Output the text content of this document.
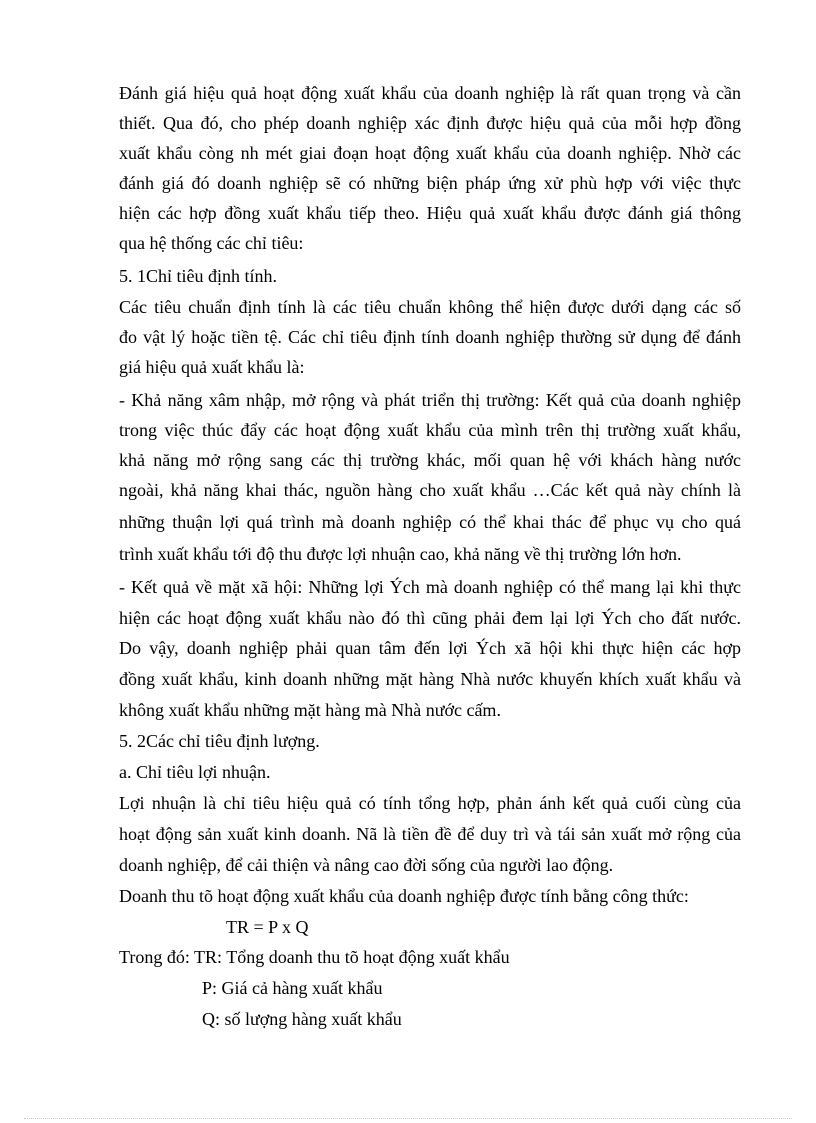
Đánh giá hiệu quả hoạt động xuất khẩu của doanh nghiệp là rất quan trọng và cần
thiết. Qua đó, cho phép doanh nghiệp xác định được hiệu quả của mỗi hợp đồng
xuất khẩu còng nh mét giai đoạn hoạt động xuất khẩu của doanh nghiệp. Nhờ các
đánh giá đó doanh nghiệp sẽ có những biện pháp ứng xử phù hợp với việc thực
hiện các hợp đồng xuất khẩu tiếp theo. Hiệu quả xuất khẩu được đánh giá thông
qua hệ thống các chỉ tiêu:
5. 1Chỉ tiêu định tính.
Các tiêu chuẩn định tính là các tiêu chuẩn không thể hiện được dưới dạng các số
đo vật lý hoặc tiền tệ. Các chỉ tiêu định tính doanh nghiệp thường sử dụng để đánh
giá hiệu quả xuất khẩu là:
- Khả năng xâm nhập, mở rộng và phát triển thị trường: Kết quả của doanh nghiệp
trong việc thúc đẩy các hoạt động xuất khẩu của mình trên thị trường xuất khẩu,
khả năng mở rộng sang các thị trường khác, mối quan hệ với khách hàng nước
ngoài, khả năng khai thác, nguồn hàng cho xuất khẩu …Các kết quả này chính là
những thuận lợi quá trình mà doanh nghiệp có thể khai thác để phục vụ cho quá
trình xuất khẩu tới độ thu được lợi nhuận cao, khả năng về thị trường lớn hơn.
- Kết quả về mặt xã hội: Những lợi Ých mà doanh nghiệp có thể mang lại khi thực
hiện các hoạt động xuất khẩu nào đó thì cũng phải đem lại lợi Ých cho đất nước.
Do vậy, doanh nghiệp phải quan tâm đến lợi Ých xã hội khi thực hiện các hợp
đồng xuất khẩu, kinh doanh những mặt hàng Nhà nước khuyến khích xuất khẩu và
không xuất khẩu những mặt hàng mà Nhà nước cấm.
5. 2Các chỉ tiêu định lượng.
a. Chỉ tiêu lợi nhuận.
Lợi nhuận là chỉ tiêu hiệu quả có tính tổng hợp, phản ánh kết quả cuối cùng của
hoạt động sản xuất kinh doanh. Nã là tiền đề để duy trì và tái sản xuất mở rộng của
doanh nghiệp, để cải thiện và nâng cao đời sống của người lao động.
Doanh thu tõ hoạt động xuất khẩu của doanh nghiệp được tính bằng công thức:
TR = P x Q
Trong đó: TR: Tổng doanh thu tõ hoạt động xuất khẩu
P: Giá cả hàng xuất khẩu
Q: số lượng hàng xuất khẩu
